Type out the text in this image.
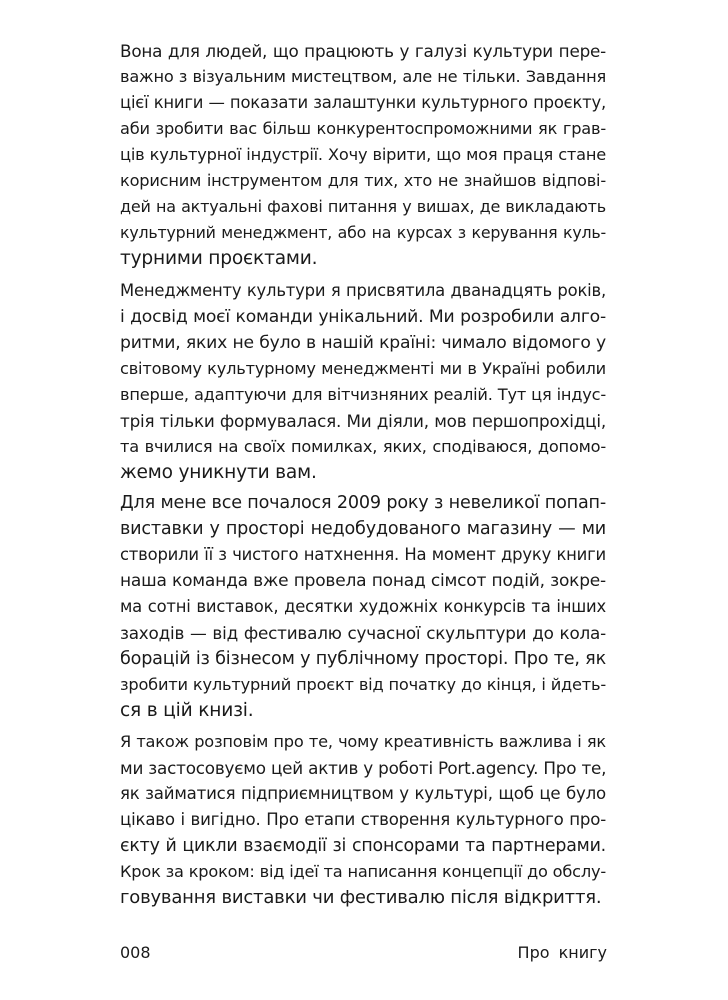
Вона для людей, що працюють у галузі культури пере-
важно з візуальним мистецтвом, але не тільки. Завдання
цієї книги — показати залаштунки культурного проєкту,
аби зробити вас більш конкурентоспроможними як грав-
ців культурної індустрії. Хочу вірити, що моя праця стане
корисним інструментом для тих, хто не знайшов відпові-
дей на актуальні фахові питання у вишах, де викладають
культурний менеджмент, або на курсах з керування куль-
турними проєктами.
Менеджменту культури я присвятила дванадцять років,
і досвід моєї команди унікальний. Ми розробили алго-
ритми, яких не було в нашій країні: чимало відомого у
світовому культурному менеджменті ми в Україні робили
вперше, адаптуючи для вітчизняних реалій. Тут ця індус-
трія тільки формувалася. Ми діяли, мов першопрохідці,
та вчилися на своїх помилках, яких, сподіваюся, допомо-
жемо уникнути вам.
Для мене все почалося 2009 року з невеликої попап-
виставки у просторі недобудованого магазину — ми
створили її з чистого натхнення. На момент друку книги
наша команда вже провела понад сімсот подій, зокре-
ма сотні виставок, десятки художніх конкурсів та інших
заходів — від фестивалю сучасної скульптури до кола-
борацій із бізнесом у публічному просторі. Про те, як
зробити культурний проєкт від початку до кінця, і йдеть-
ся в цій книзі.
Я також розповім про те, чому креативність важлива і як
ми застосовуємо цей актив у роботі Port.agency. Про те,
як займатися підприємництвом у культурі, щоб це було
цікаво і вигідно. Про етапи створення культурного про-
єкту й цикли взаємодії зі спонсорами та партнерами.
Крок за кроком: від ідеї та написання концепції до обслу-
говування виставки чи фестивалю після відкриття.
008	Про книгу
